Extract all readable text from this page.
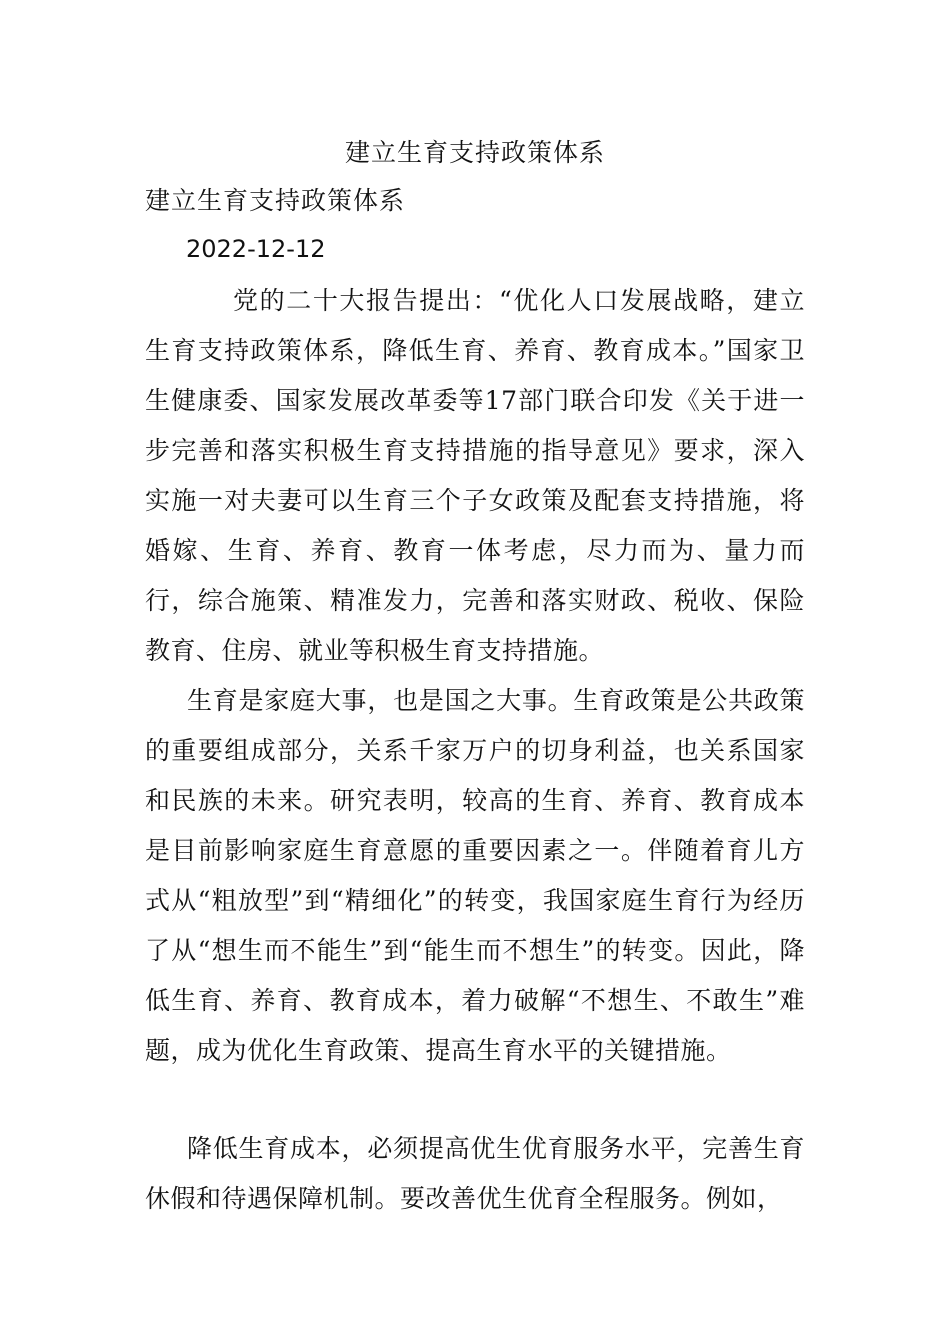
建立生育支持政策体系
建立生育支持政策体系
2022-12-12

党的二十大报告提出：“优化人口发展战略，建立生育支持政策体系，降低生育、养育、教育成本。”国家卫生健康委、国家发展改革委等17部门联合印发《关于进一步完善和落实积极生育支持措施的指导意见》要求，深入实施一对夫妻可以生育三个子女政策及配套支持措施，将婚嫁、生育、养育、教育一体考虑，尽力而为、量力而行，综合施策、精准发力，完善和落实财政、税收、保险教育、住房、就业等积极生育支持措施。

生育是家庭大事，也是国之大事。生育政策是公共政策的重要组成部分，关系千家万户的切身利益，也关系国家和民族的未来。研究表明，较高的生育、养育、教育成本是目前影响家庭生育意愿的重要因素之一。伴随着育儿方式从“粗放型”到“精细化”的转变，我国家庭生育行为经历了从“想生而不能生”到“能生而不想生”的转变。因此，降低生育、养育、教育成本，着力破解“不想生、不敢生”难题，成为优化生育政策、提高生育水平的关键措施。

降低生育成本，必须提高优生优育服务水平，完善生育休假和待遇保障机制。要改善优生优育全程服务。例如，
